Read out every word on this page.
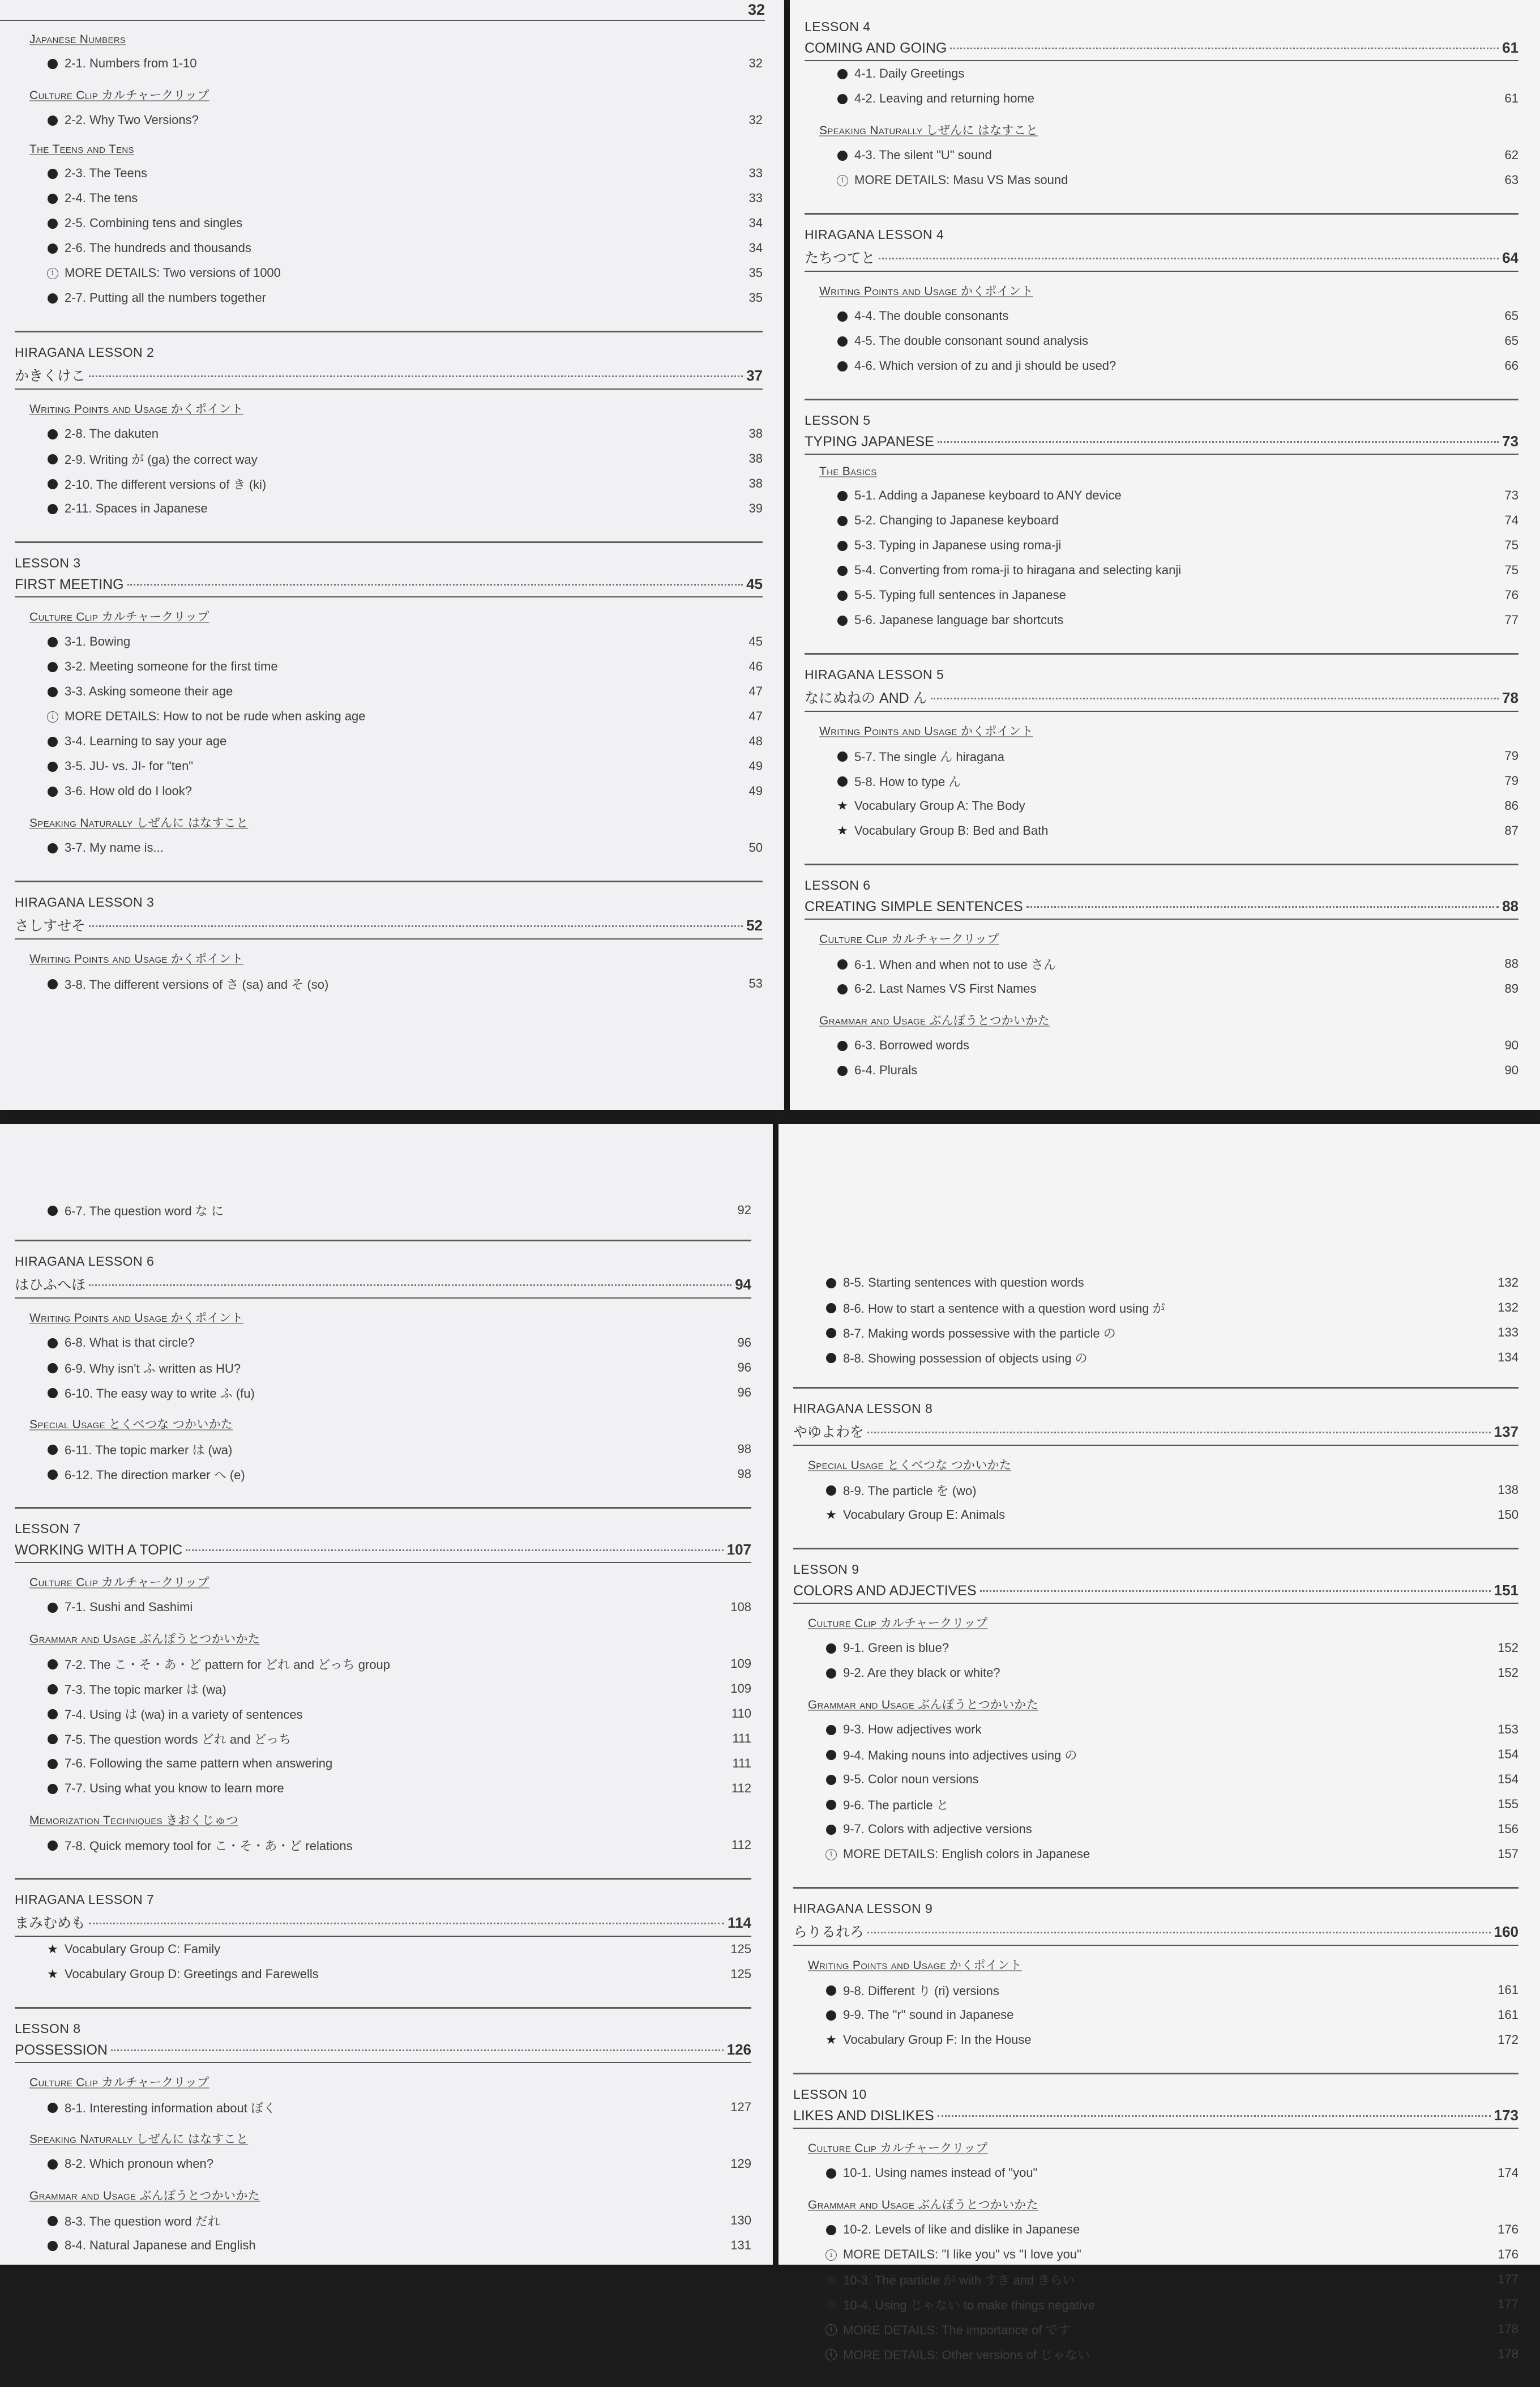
32
Japanese Numbers
2-1. Numbers from 1-10	32
Culture Clip カルチャークリップ
2-2. Why Two Versions?	32
The Teens and Tens
2-3. The Teens	33
2-4. The tens	33
2-5. Combining tens and singles	34
2-6. The hundreds and thousands	34
i
MORE DETAILS: Two versions of 1000	35
2-7. Putting all the numbers together	35
HIRAGANA LESSON 2
かきくけこ	37
Writing Points and Usage かくポイント
2-8. The dakuten	38
2-9. Writing が (ga) the correct way	38
2-10. The different versions of き (ki)	38
2-11. Spaces in Japanese	39
LESSON 3
FIRST MEETING	45
Culture Clip カルチャークリップ
3-1. Bowing	45
3-2. Meeting someone for the first time	46
3-3. Asking someone their age	47
i
MORE DETAILS: How to not be rude when asking age	47
3-4. Learning to say your age	48
3-5. JU- vs. JI- for "ten"	49
3-6. How old do I look?	49
Speaking Naturally しぜんに はなすこと
3-7. My name is...	50
HIRAGANA LESSON 3
さしすせそ	52
Writing Points and Usage かくポイント
3-8. The different versions of さ (sa) and そ (so)	53
LESSON 4
COMING AND GOING	61
4-1. Daily Greetings
4-2. Leaving and returning home	61
Speaking Naturally しぜんに はなすこと
4-3. The silent "U" sound	62
i
MORE DETAILS: Masu VS Mas sound	63
HIRAGANA LESSON 4
たちつてと	64
Writing Points and Usage かくポイント
4-4. The double consonants	65
4-5. The double consonant sound analysis	65
4-6. Which version of zu and ji should be used?	66
LESSON 5
TYPING JAPANESE	73
The Basics
5-1. Adding a Japanese keyboard to ANY device	73
5-2. Changing to Japanese keyboard	74
5-3. Typing in Japanese using roma-ji	75
5-4. Converting from roma-ji to hiragana and selecting kanji	75
5-5. Typing full sentences in Japanese	76
5-6. Japanese language bar shortcuts	77
HIRAGANA LESSON 5
なにぬねの AND ん	78
Writing Points and Usage かくポイント
5-7. The single ん hiragana	79
5-8. How to type ん	79
★
Vocabulary Group A: The Body	86
★
Vocabulary Group B: Bed and Bath	87
LESSON 6
CREATING SIMPLE SENTENCES	88
Culture Clip カルチャークリップ
6-1. When and when not to use さん	88
6-2. Last Names VS First Names	89
Grammar and Usage ぶんぽうとつかいかた
6-3. Borrowed words	90
6-4. Plurals	90
6-7. The question word な に	92
HIRAGANA LESSON 6
はひふへほ	94
Writing Points and Usage かくポイント
6-8. What is that circle?	96
6-9. Why isn't ふ written as HU?	96
6-10. The easy way to write ふ (fu)	96
Special Usage とくべつな つかいかた
6-11. The topic marker は (wa)	98
6-12. The direction marker へ (e)	98
LESSON 7
WORKING WITH A TOPIC	107
Culture Clip カルチャークリップ
7-1. Sushi and Sashimi	108
Grammar and Usage ぶんぽうとつかいかた
7-2. The こ・そ・あ・ど pattern for どれ and どっち group	109
7-3. The topic marker は (wa)	109
7-4. Using は (wa) in a variety of sentences	110
7-5. The question words どれ and どっち	111
7-6. Following the same pattern when answering	111
7-7. Using what you know to learn more	112
Memorization Techniques きおくじゅつ
7-8. Quick memory tool for こ・そ・あ・ど relations	112
HIRAGANA LESSON 7
まみむめも	114
★
Vocabulary Group C: Family	125
★
Vocabulary Group D: Greetings and Farewells	125
LESSON 8
POSSESSION	126
Culture Clip カルチャークリップ
8-1. Interesting information about ぼく	127
Speaking Naturally しぜんに はなすこと
8-2. Which pronoun when?	129
Grammar and Usage ぶんぽうとつかいかた
8-3. The question word だれ	130
8-4. Natural Japanese and English	131
8-5. Starting sentences with question words	132
8-6. How to start a sentence with a question word using が	132
8-7. Making words possessive with the particle の	133
8-8. Showing possession of objects using の	134
HIRAGANA LESSON 8
やゆよわを	137
Special Usage とくべつな つかいかた
8-9. The particle を (wo)	138
★
Vocabulary Group E: Animals	150
LESSON 9
COLORS AND ADJECTIVES	151
Culture Clip カルチャークリップ
9-1. Green is blue?	152
9-2. Are they black or white?	152
Grammar and Usage ぶんぽうとつかいかた
9-3. How adjectives work	153
9-4. Making nouns into adjectives using の	154
9-5. Color noun versions	154
9-6. The particle と	155
9-7. Colors with adjective versions	156
i
MORE DETAILS: English colors in Japanese	157
HIRAGANA LESSON 9
らりるれろ	160
Writing Points and Usage かくポイント
9-8. Different り (ri) versions	161
9-9. The "r" sound in Japanese	161
★
Vocabulary Group F: In the House	172
LESSON 10
LIKES AND DISLIKES	173
Culture Clip カルチャークリップ
10-1. Using names instead of "you"	174
Grammar and Usage ぶんぽうとつかいかた
10-2. Levels of like and dislike in Japanese	176
i
MORE DETAILS: "I like you" vs "I love you"	176
10-3. The particle が with すき and きらい	177
10-4. Using じゃない to make things negative	177
i
MORE DETAILS: The importance of です	178
i
MORE DETAILS: Other versions of じゃない	178
